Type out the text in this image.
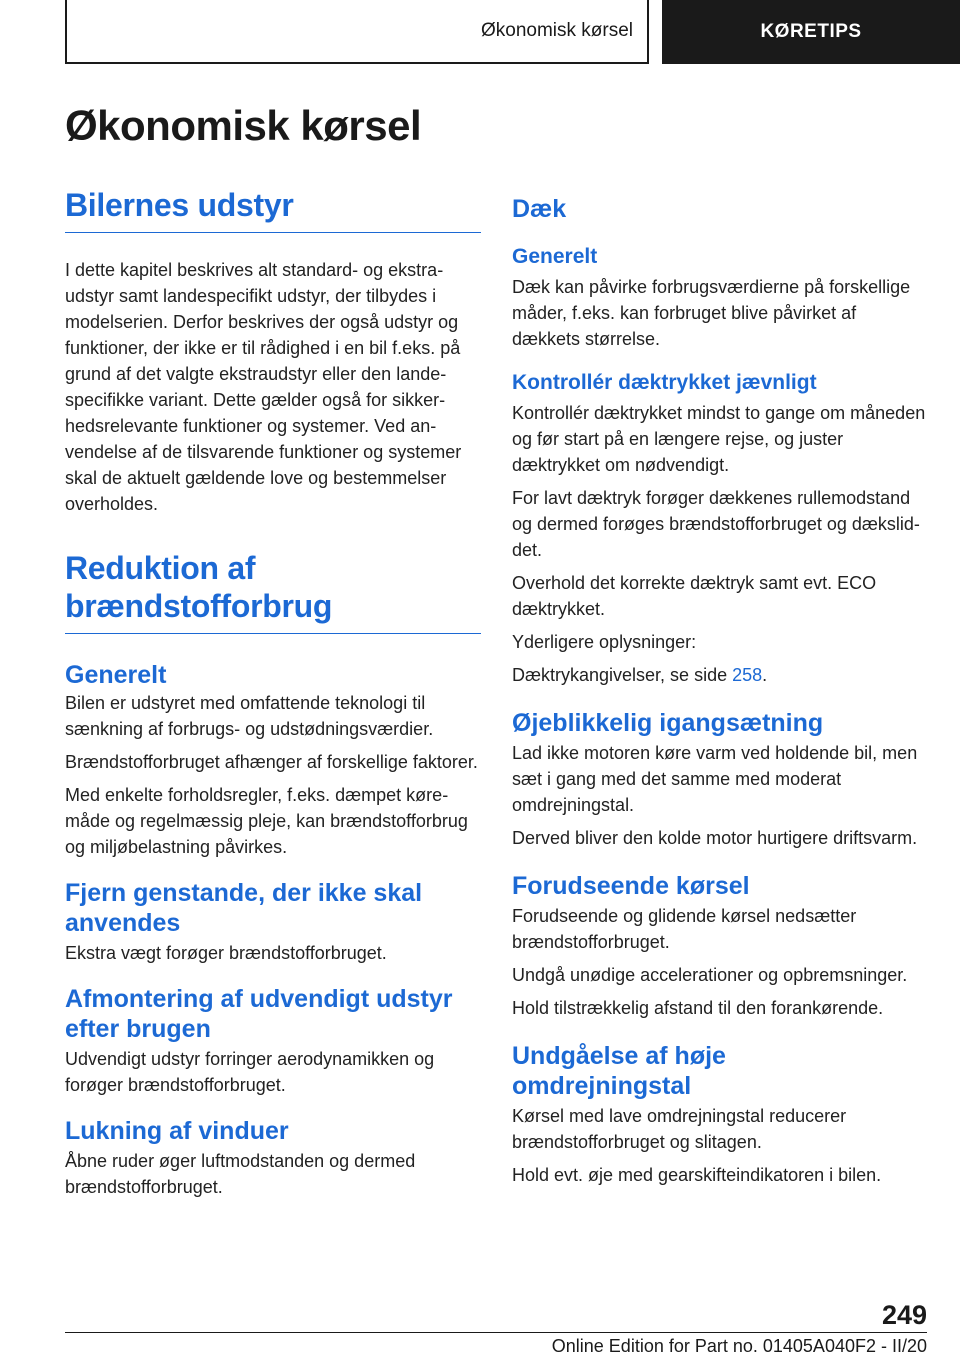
Økonomisk kørsel	KØRETIPS
Økonomisk kørsel
Bilernes udstyr

I dette kapitel beskrives alt standard- og ekstraudstyr samt landespecifikt udstyr, der tilbydes i modelserien. Derfor beskrives der også udstyr og funktioner, der ikke er til rådighed i en bil f.eks. på grund af det valgte ekstraudstyr eller den landespecifikke variant. Dette gælder også for sikkerhedsrelevante funktioner og systemer. Ved anvendelse af de tilsvarende funktioner og systemer skal de aktuelt gældende love og bestemmelser overholdes.

Reduktion af
brændstofforbrug
Generelt

Bilen er udstyret med omfattende teknologi til sænkning af forbrugs- og udstødningsværdier.

Brændstofforbruget afhænger af forskellige faktorer.

Med enkelte forholdsregler, f.eks. dæmpet køremåde og regelmæssig pleje, kan brændstofforbrug og miljøbelastning påvirkes.

Fjern genstande, der ikke skal anvendes

Ekstra vægt forøger brændstofforbruget.

Afmontering af udvendigt udstyr efter brugen

Udvendigt udstyr forringer aerodynamikken og forøger brændstofforbruget.

Lukning af vinduer

Åbne ruder øger luftmodstanden og dermed brændstofforbruget.

Dæk
Generelt

Dæk kan påvirke forbrugsværdierne på forskellige måder, f.eks. kan forbruget blive påvirket af dækkets størrelse.

Kontrollér dæktrykket jævnligt

Kontrollér dæktrykket mindst to gange om måneden og før start på en længere rejse, og juster dæktrykket om nødvendigt.

For lavt dæktryk forøger dækkenes rullemodstand og dermed forøges brændstofforbruget og dæksliddet.

Overhold det korrekte dæktryk samt evt. ECO dæktrykket.

Yderligere oplysninger:

Dæktrykangivelser, se side 258.

Øjeblikkelig igangsætning

Lad ikke motoren køre varm ved holdende bil, men sæt i gang med det samme med moderat omdrejningstal.

Derved bliver den kolde motor hurtigere driftsvarm.

Forudseende kørsel

Forudseende og glidende kørsel nedsætter brændstofforbruget.

Undgå unødige accelerationer og opbremsninger.

Hold tilstrækkelig afstand til den forankørende.

Undgåelse af høje
omdrejningstal

Kørsel med lave omdrejningstal reducerer brændstofforbruget og slitagen.

Hold evt. øje med gearskifteindikatoren i bilen.

249
Online Edition for Part no. 01405A040F2 - II/20
